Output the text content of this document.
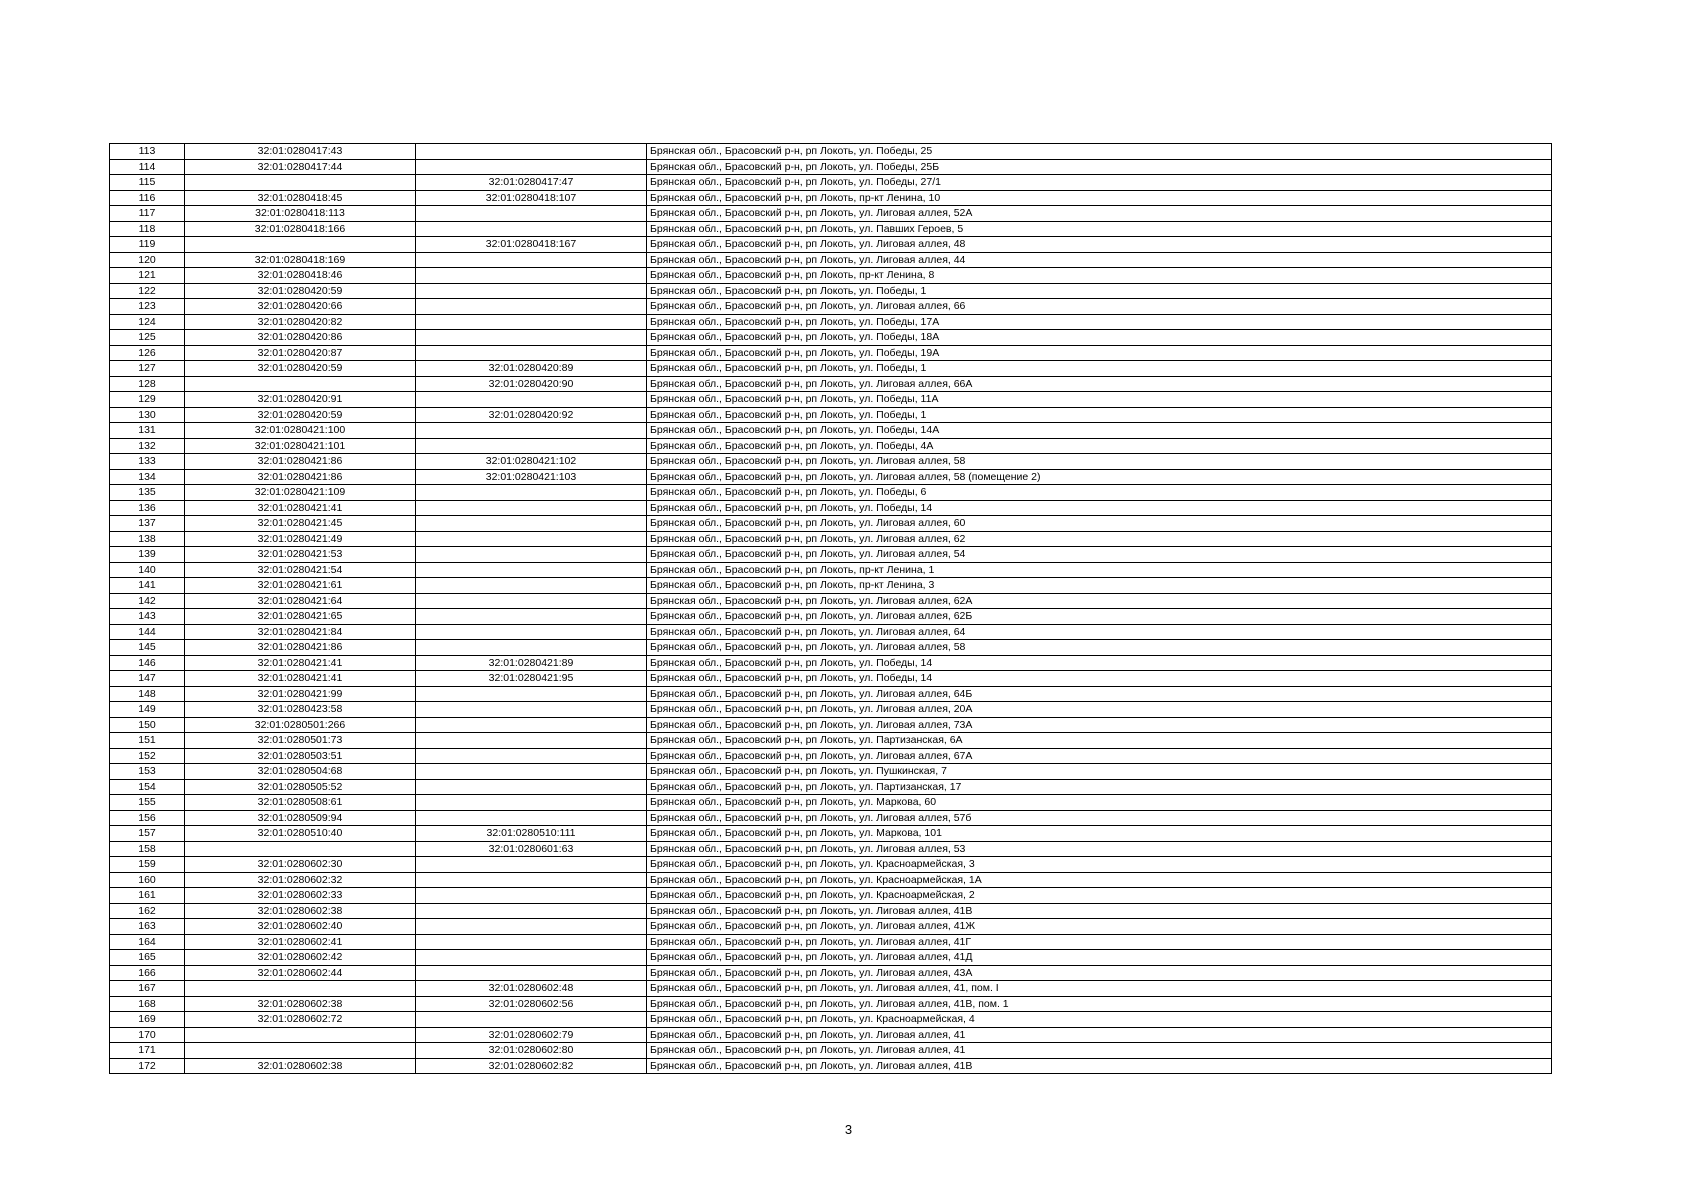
113	32:01:0280417:43		Брянская обл., Брасовский р-н, рп Локоть, ул. Победы, 25
114	32:01:0280417:44		Брянская обл., Брасовский р-н, рп Локоть, ул. Победы, 25Б
115		32:01:0280417:47	Брянская обл., Брасовский р-н, рп Локоть, ул. Победы, 27/1
116	32:01:0280418:45	32:01:0280418:107	Брянская обл., Брасовский р-н, рп Локоть, пр-кт Ленина, 10
117	32:01:0280418:113		Брянская обл., Брасовский р-н, рп Локоть, ул. Лиговая аллея, 52А
118	32:01:0280418:166		Брянская обл., Брасовский р-н, рп Локоть, ул. Павших Героев, 5
119		32:01:0280418:167	Брянская обл., Брасовский р-н, рп Локоть, ул. Лиговая аллея, 48
120	32:01:0280418:169		Брянская обл., Брасовский р-н, рп Локоть, ул. Лиговая аллея, 44
121	32:01:0280418:46		Брянская обл., Брасовский р-н, рп Локоть, пр-кт Ленина, 8
122	32:01:0280420:59		Брянская обл., Брасовский р-н, рп Локоть, ул. Победы, 1
123	32:01:0280420:66		Брянская обл., Брасовский р-н, рп Локоть, ул. Лиговая аллея, 66
124	32:01:0280420:82		Брянская обл., Брасовский р-н, рп Локоть, ул. Победы, 17А
125	32:01:0280420:86		Брянская обл., Брасовский р-н, рп Локоть, ул. Победы, 18А
126	32:01:0280420:87		Брянская обл., Брасовский р-н, рп Локоть, ул. Победы, 19А
127	32:01:0280420:59	32:01:0280420:89	Брянская обл., Брасовский р-н, рп Локоть, ул. Победы, 1
128		32:01:0280420:90	Брянская обл., Брасовский р-н, рп Локоть, ул. Лиговая аллея, 66А
129	32:01:0280420:91		Брянская обл., Брасовский р-н, рп Локоть, ул. Победы, 11А
130	32:01:0280420:59	32:01:0280420:92	Брянская обл., Брасовский р-н, рп Локоть, ул. Победы, 1
131	32:01:0280421:100		Брянская обл., Брасовский р-н, рп Локоть, ул. Победы, 14А
132	32:01:0280421:101		Брянская обл., Брасовский р-н, рп Локоть, ул. Победы, 4А
133	32:01:0280421:86	32:01:0280421:102	Брянская обл., Брасовский р-н, рп Локоть, ул. Лиговая аллея, 58
134	32:01:0280421:86	32:01:0280421:103	Брянская обл., Брасовский р-н, рп Локоть, ул. Лиговая аллея, 58 (помещение 2)
135	32:01:0280421:109		Брянская обл., Брасовский р-н, рп Локоть, ул. Победы, 6
136	32:01:0280421:41		Брянская обл., Брасовский р-н, рп Локоть, ул. Победы, 14
137	32:01:0280421:45		Брянская обл., Брасовский р-н, рп Локоть, ул. Лиговая аллея, 60
138	32:01:0280421:49		Брянская обл., Брасовский р-н, рп Локоть, ул. Лиговая аллея, 62
139	32:01:0280421:53		Брянская обл., Брасовский р-н, рп Локоть, ул. Лиговая аллея, 54
140	32:01:0280421:54		Брянская обл., Брасовский р-н, рп Локоть, пр-кт Ленина, 1
141	32:01:0280421:61		Брянская обл., Брасовский р-н, рп Локоть, пр-кт Ленина, 3
142	32:01:0280421:64		Брянская обл., Брасовский р-н, рп Локоть, ул. Лиговая аллея, 62А
143	32:01:0280421:65		Брянская обл., Брасовский р-н, рп Локоть, ул. Лиговая аллея, 62Б
144	32:01:0280421:84		Брянская обл., Брасовский р-н, рп Локоть, ул. Лиговая аллея, 64
145	32:01:0280421:86		Брянская обл., Брасовский р-н, рп Локоть, ул. Лиговая аллея, 58
146	32:01:0280421:41	32:01:0280421:89	Брянская обл., Брасовский р-н, рп Локоть, ул. Победы, 14
147	32:01:0280421:41	32:01:0280421:95	Брянская обл., Брасовский р-н, рп Локоть, ул. Победы, 14
148	32:01:0280421:99		Брянская обл., Брасовский р-н, рп Локоть, ул. Лиговая аллея, 64Б
149	32:01:0280423:58		Брянская обл., Брасовский р-н, рп Локоть, ул. Лиговая аллея, 20А
150	32:01:0280501:266		Брянская обл., Брасовский р-н, рп Локоть, ул. Лиговая аллея, 73А
151	32:01:0280501:73		Брянская обл., Брасовский р-н, рп Локоть, ул. Партизанская, 6А
152	32:01:0280503:51		Брянская обл., Брасовский р-н, рп Локоть, ул. Лиговая аллея, 67А
153	32:01:0280504:68		Брянская обл., Брасовский р-н, рп Локоть, ул. Пушкинская, 7
154	32:01:0280505:52		Брянская обл., Брасовский р-н, рп Локоть, ул. Партизанская, 17
155	32:01:0280508:61		Брянская обл., Брасовский р-н, рп Локоть, ул. Маркова, 60
156	32:01:0280509:94		Брянская обл., Брасовский р-н, рп Локоть, ул. Лиговая аллея, 57б
157	32:01:0280510:40	32:01:0280510:111	Брянская обл., Брасовский р-н, рп Локоть, ул. Маркова, 101
158		32:01:0280601:63	Брянская обл., Брасовский р-н, рп Локоть, ул. Лиговая аллея, 53
159	32:01:0280602:30		Брянская обл., Брасовский р-н, рп Локоть, ул. Красноармейская, 3
160	32:01:0280602:32		Брянская обл., Брасовский р-н, рп Локоть, ул. Красноармейская, 1А
161	32:01:0280602:33		Брянская обл., Брасовский р-н, рп Локоть, ул. Красноармейская, 2
162	32:01:0280602:38		Брянская обл., Брасовский р-н, рп Локоть, ул. Лиговая аллея, 41В
163	32:01:0280602:40		Брянская обл., Брасовский р-н, рп Локоть, ул. Лиговая аллея, 41Ж
164	32:01:0280602:41		Брянская обл., Брасовский р-н, рп Локоть, ул. Лиговая аллея, 41Г
165	32:01:0280602:42		Брянская обл., Брасовский р-н, рп Локоть, ул. Лиговая аллея, 41Д
166	32:01:0280602:44		Брянская обл., Брасовский р-н, рп Локоть, ул. Лиговая аллея, 43А
167		32:01:0280602:48	Брянская обл., Брасовский р-н, рп Локоть, ул. Лиговая аллея, 41, пом. I
168	32:01:0280602:38	32:01:0280602:56	Брянская обл., Брасовский р-н, рп Локоть, ул. Лиговая аллея, 41В, пом. 1
169	32:01:0280602:72		Брянская обл., Брасовский р-н, рп Локоть, ул. Красноармейская, 4
170		32:01:0280602:79	Брянская обл., Брасовский р-н, рп Локоть, ул. Лиговая аллея, 41
171		32:01:0280602:80	Брянская обл., Брасовский р-н, рп Локоть, ул. Лиговая аллея, 41
172	32:01:0280602:38	32:01:0280602:82	Брянская обл., Брасовский р-н, рп Локоть, ул. Лиговая аллея, 41В
3
